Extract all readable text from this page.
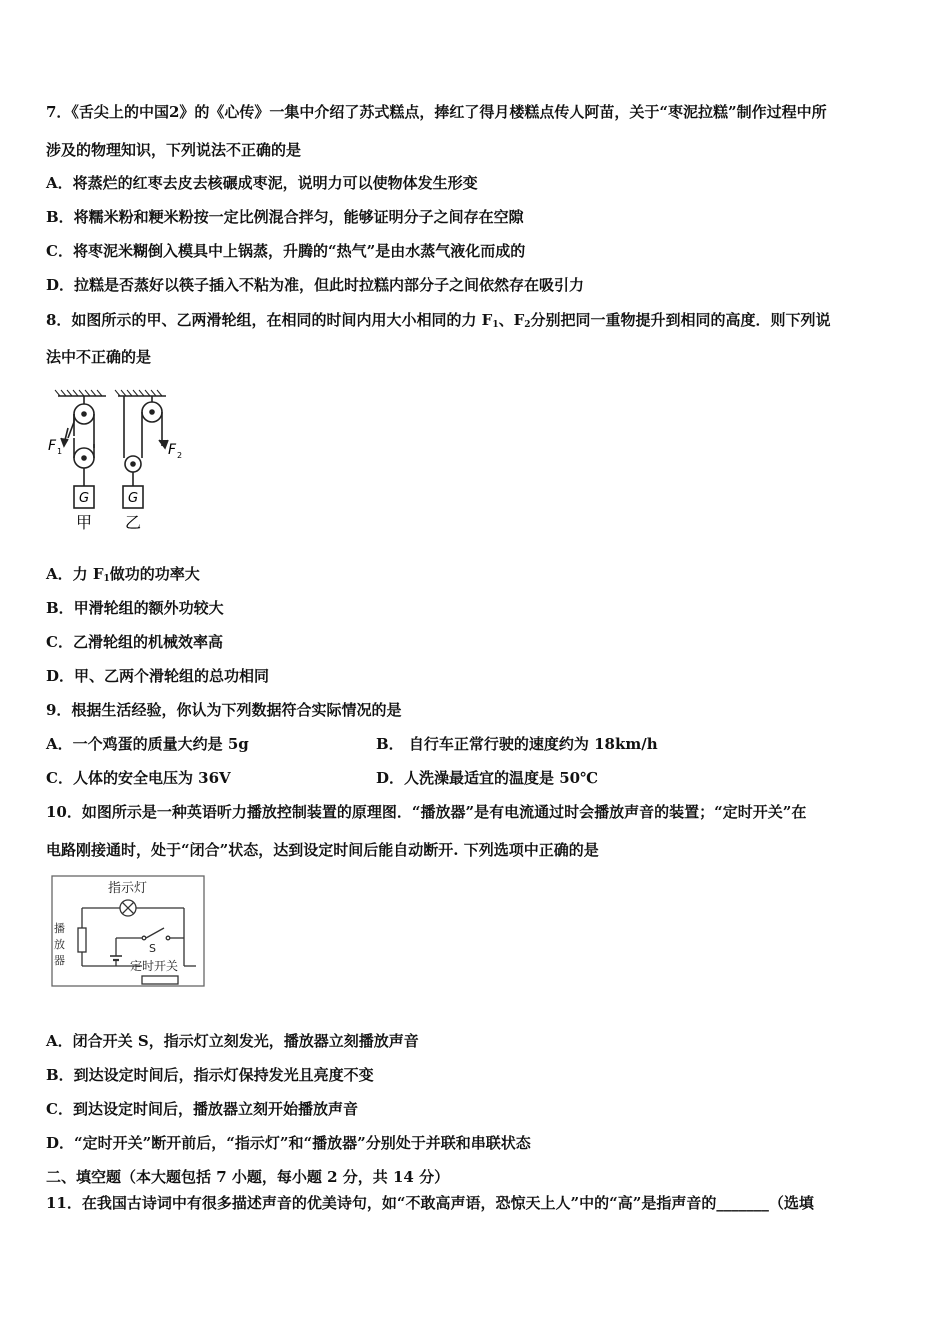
7．《舌尖上的中国2》的《心传》一集中介绍了苏式糕点，捧红了得月楼糕点传人阿苗，关于“枣泥拉糕”制作过程中所
涉及的物理知识，下列说法不正确的是
A．将蒸烂的红枣去皮去核碾成枣泥，说明力可以使物体发生形变
B．将糯米粉和粳米粉按一定比例混合拌匀，能够证明分子之间存在空隙
C．将枣泥米糊倒入模具中上锅蒸，升腾的“热气”是由水蒸气液化而成的
D．拉糕是否蒸好以筷子插入不粘为准，但此时拉糕内部分子之间依然存在吸引力
8．如图所示的甲、乙两滑轮组，在相同的时间内用大小相同的力 $F_1$、$F_2$分别把同一重物提升到相同的高度．则下列说
法中不正确的是
F 1	F 2
G	G
甲 乙
A．力 $F_1$做功的功率大
B．甲滑轮组的额外功较大
C．乙滑轮组的机械效率高
D．甲、乙两个滑轮组的总功相同
9．根据生活经验，你认为下列数据符合实际情况的是
A．一个鸡蛋的质量大约是 5g	B． 自行车正常行驶的速度约为 18km/h
C．人体的安全电压为 36V	D．人洗澡最适宜的温度是 50℃
10．如图所示是一种英语听力播放控制装置的原理图．“播放器”是有电流通过时会播放声音的装置；“定时开关”在
电路刚接通时，处于“闭合”状态，达到设定时间后能自动断开. 下列选项中正确的是
指示灯
播
放
器
S
定时开关
A．闭合开关 S，指示灯立刻发光，播放器立刻播放声音
B．到达设定时间后，指示灯保持发光且亮度不变
C．到达设定时间后，播放器立刻开始播放声音
D．“定时开关”断开前后，“指示灯”和“播放器”分别处于并联和串联状态
二、填空题（本大题包括 7 小题，每小题 2 分，共 14 分）
11．在我国古诗词中有很多描述声音的优美诗句，如“不敢高声语，恐惊天上人”中的“高”是指声音的_______（选填
